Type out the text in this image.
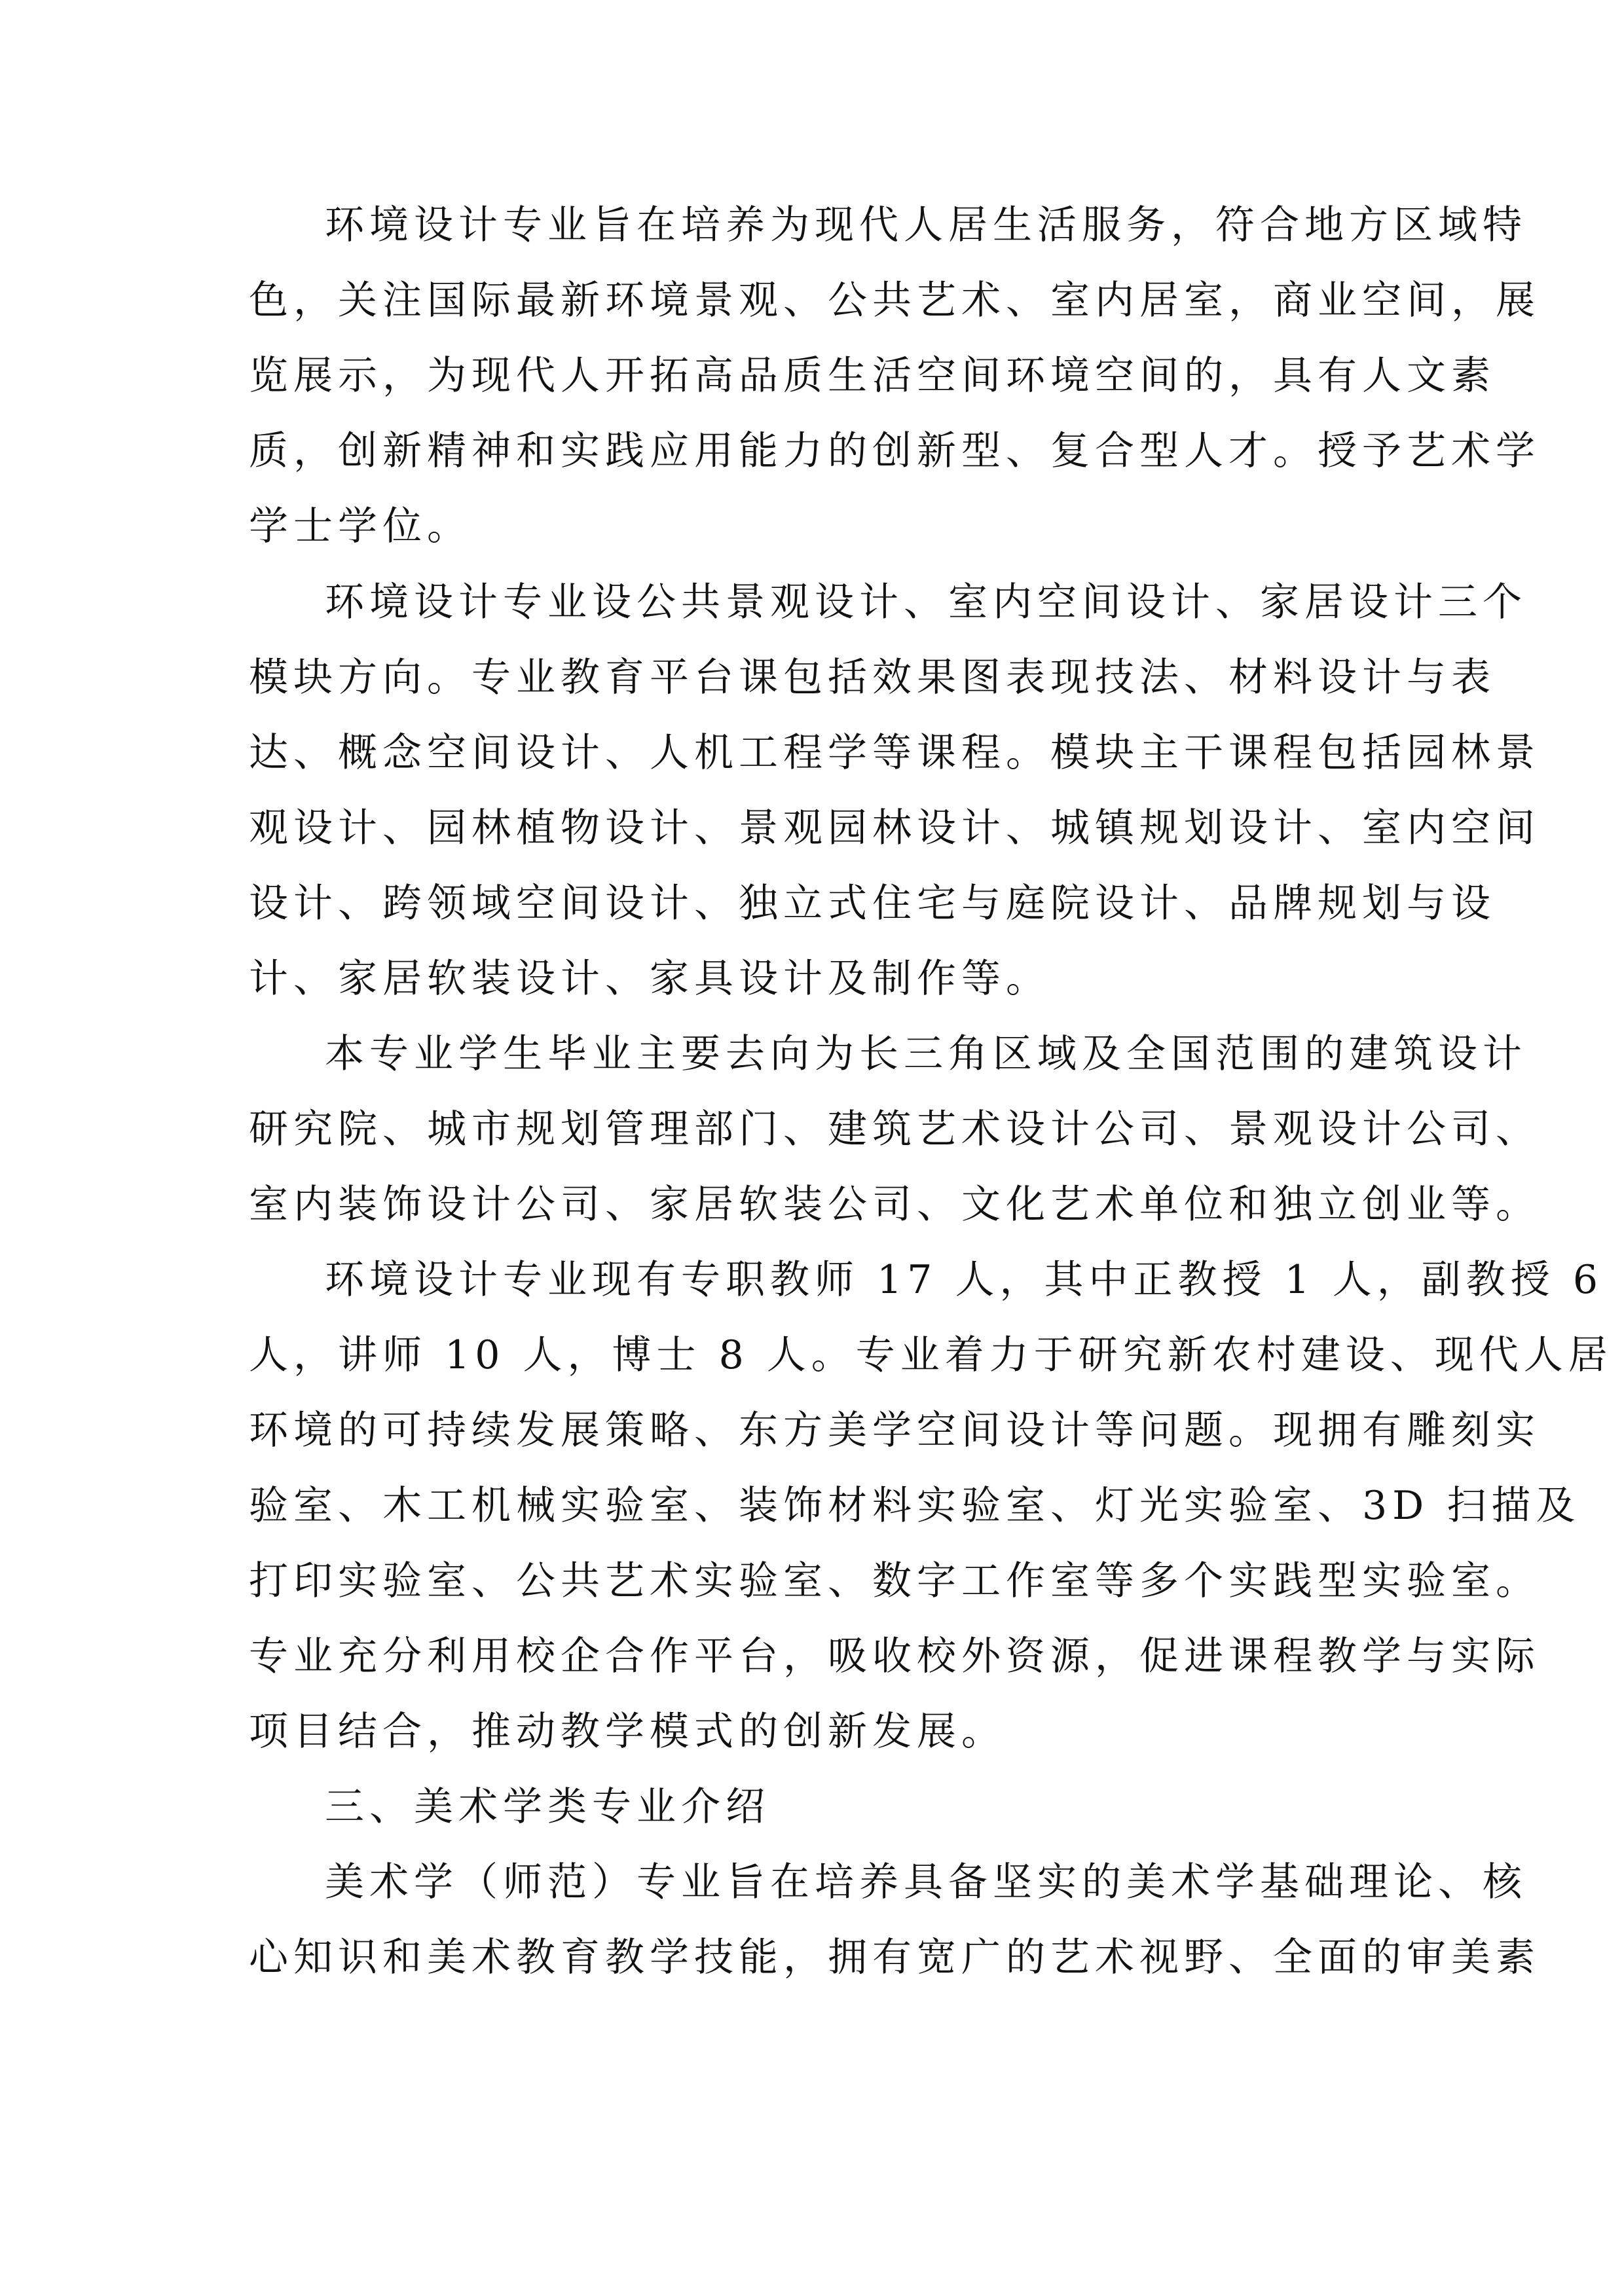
环境设计专业旨在培养为现代人居生活服务，符合地方区域特
色，关注国际最新环境景观、公共艺术、室内居室，商业空间，展
览展示，为现代人开拓高品质生活空间环境空间的，具有人文素
质，创新精神和实践应用能力的创新型、复合型人才。授予艺术学
学士学位。
环境设计专业设公共景观设计、室内空间设计、家居设计三个
模块方向。专业教育平台课包括效果图表现技法、材料设计与表
达、概念空间设计、人机工程学等课程。模块主干课程包括园林景
观设计、园林植物设计、景观园林设计、城镇规划设计、室内空间
设计、跨领域空间设计、独立式住宅与庭院设计、品牌规划与设
计、家居软装设计、家具设计及制作等。
本专业学生毕业主要去向为长三角区域及全国范围的建筑设计
研究院、城市规划管理部门、建筑艺术设计公司、景观设计公司、
室内装饰设计公司、家居软装公司、文化艺术单位和独立创业等。
环境设计专业现有专职教师 17 人，其中正教授 1 人，副教授 6
人，讲师 10 人，博士 8 人。专业着力于研究新农村建设、现代人居
环境的可持续发展策略、东方美学空间设计等问题。现拥有雕刻实
验室、木工机械实验室、装饰材料实验室、灯光实验室、3D 扫描及
打印实验室、公共艺术实验室、数字工作室等多个实践型实验室。
专业充分利用校企合作平台，吸收校外资源，促进课程教学与实际
项目结合，推动教学模式的创新发展。
三、美术学类专业介绍
美术学（师范）专业旨在培养具备坚实的美术学基础理论、核
心知识和美术教育教学技能，拥有宽广的艺术视野、全面的审美素
